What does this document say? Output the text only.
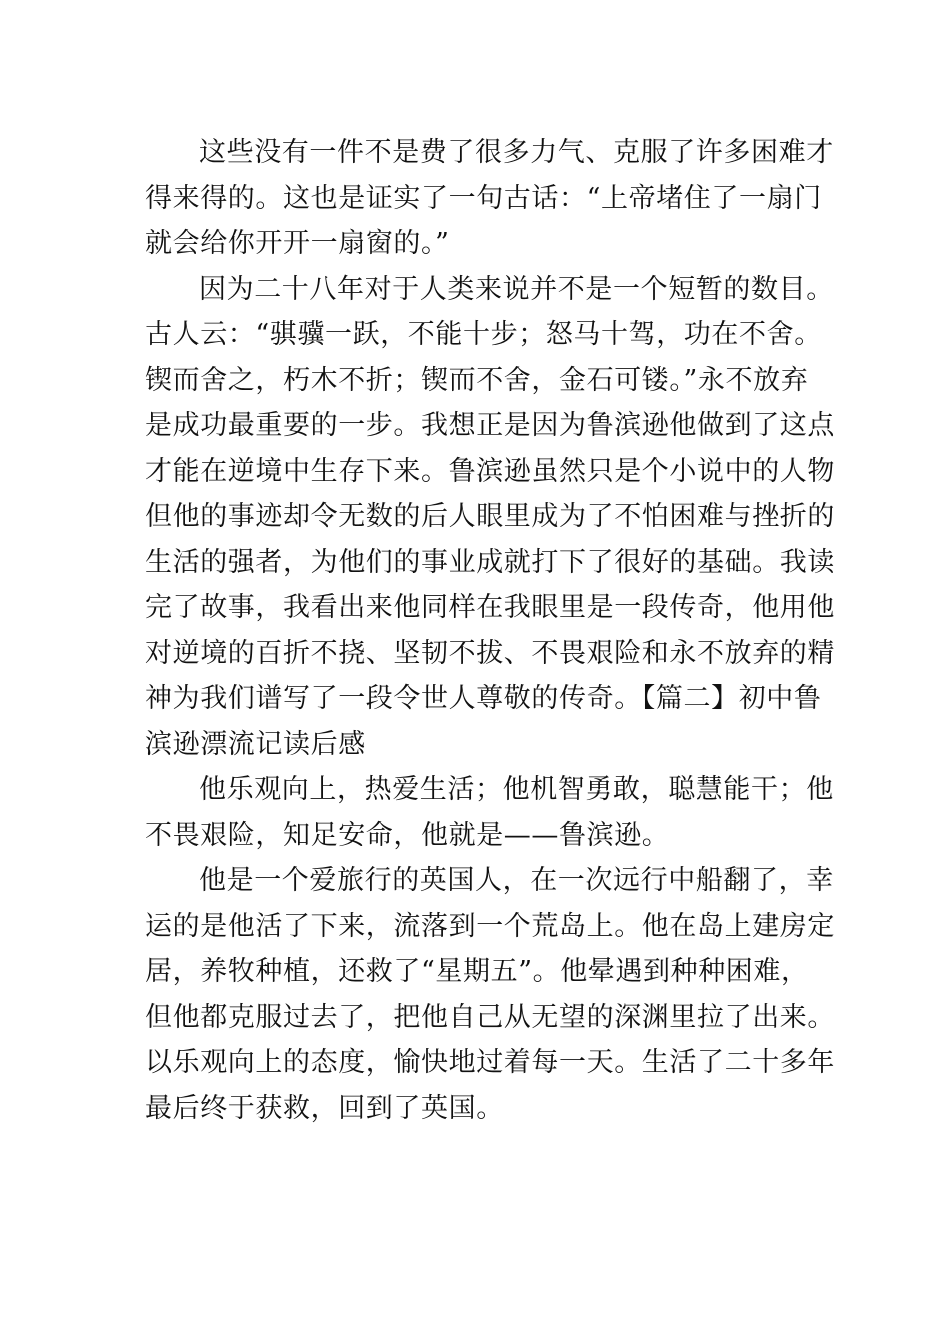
这些没有一件不是费了很多力气、克服了许多困难才
得来得的。这也是证实了一句古话：“上帝堵住了一扇门
就会给你开开一扇窗的。”
因为二十八年对于人类来说并不是一个短暂的数目。
古人云：“骐骥一跃，不能十步；怒马十驾，功在不舍。
锲而舍之，朽木不折；锲而不舍，金石可镂。”永不放弃
是成功最重要的一步。我想正是因为鲁滨逊他做到了这点
才能在逆境中生存下来。鲁滨逊虽然只是个小说中的人物
但他的事迹却令无数的后人眼里成为了不怕困难与挫折的
生活的强者，为他们的事业成就打下了很好的基础。我读
完了故事，我看出来他同样在我眼里是一段传奇，他用他
对逆境的百折不挠、坚韧不拔、不畏艰险和永不放弃的精
神为我们谱写了一段令世人尊敬的传奇。【篇二】初中鲁
滨逊漂流记读后感
他乐观向上，热爱生活；他机智勇敢，聪慧能干；他
不畏艰险，知足安命，他就是——鲁滨逊。
他是一个爱旅行的英国人，在一次远行中船翻了，幸
运的是他活了下来，流落到一个荒岛上。他在岛上建房定
居，养牧种植，还救了“星期五”。他晕遇到种种困难，
但他都克服过去了，把他自己从无望的深渊里拉了出来。
以乐观向上的态度，愉快地过着每一天。生活了二十多年
最后终于获救，回到了英国。
